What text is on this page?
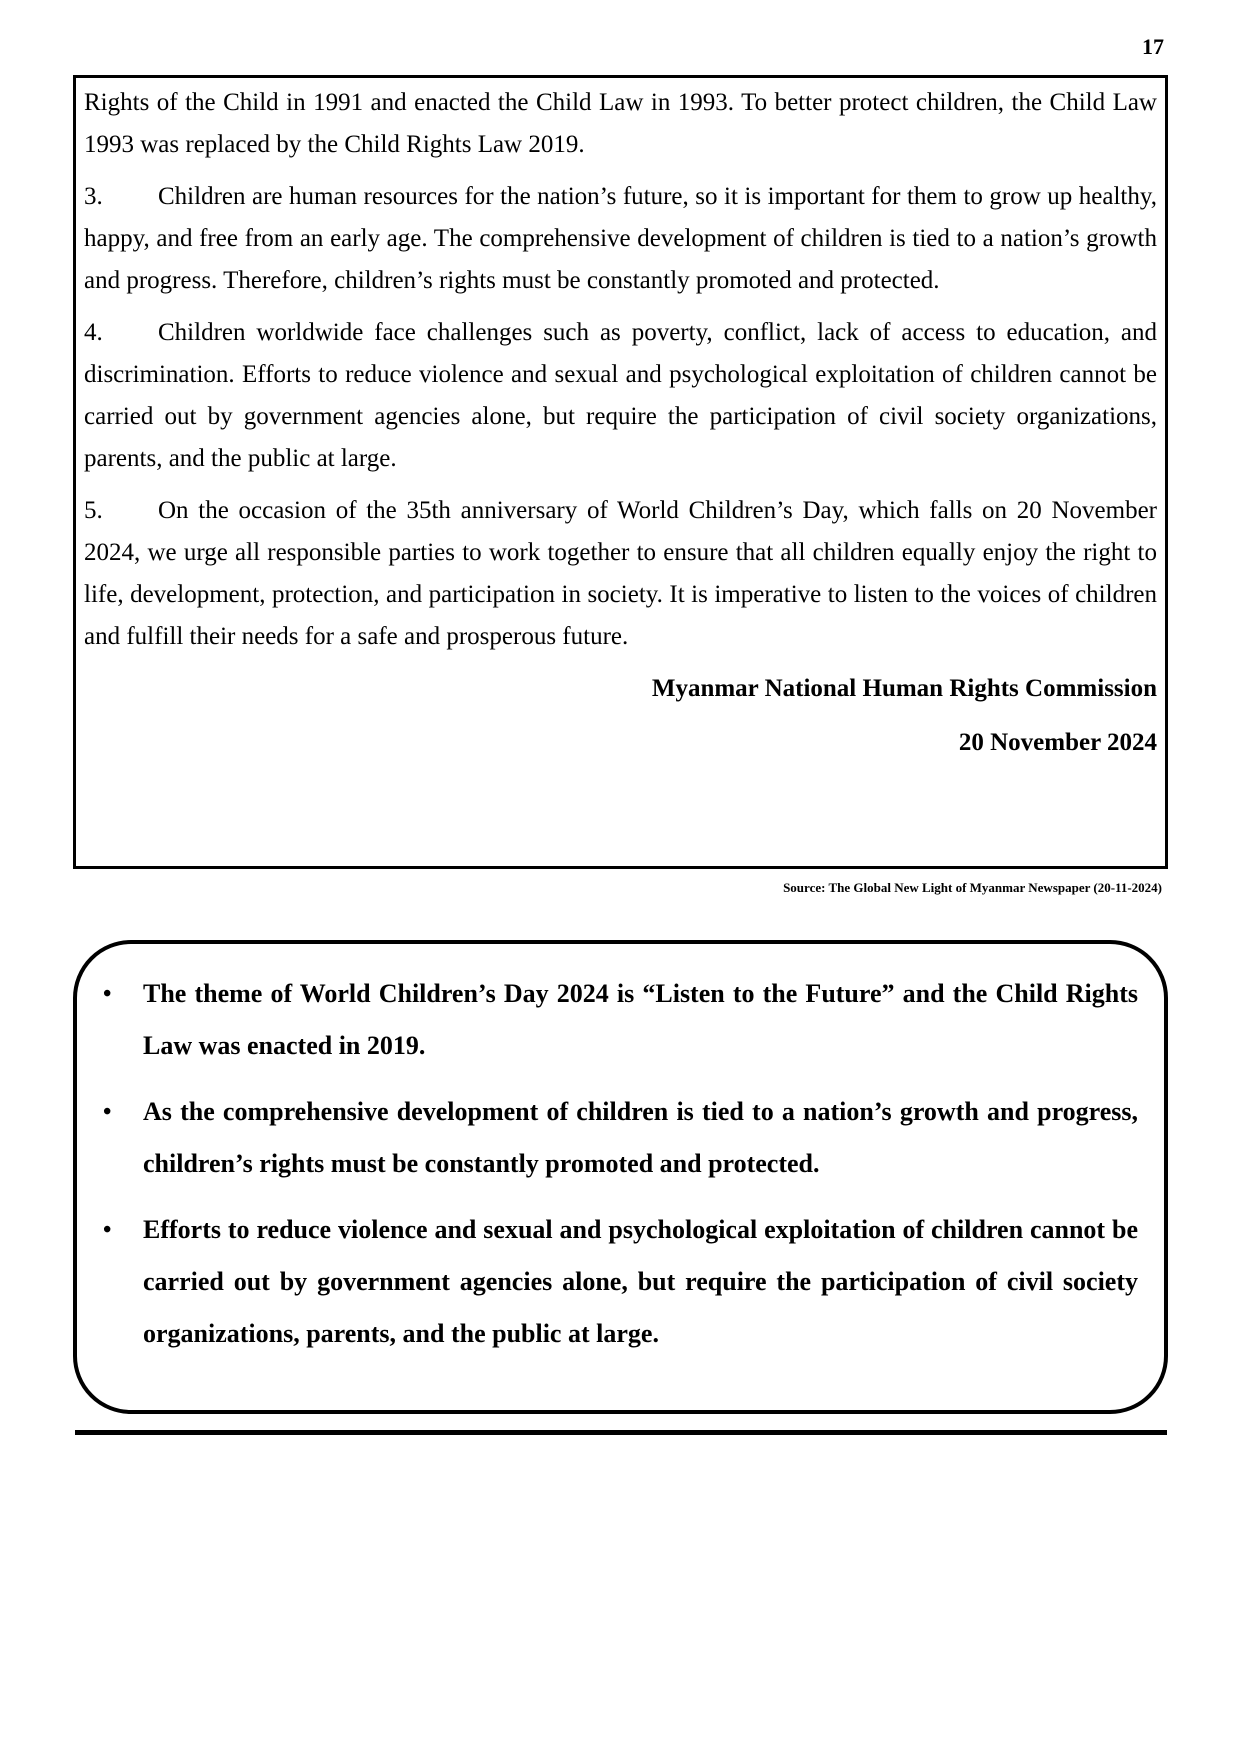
17

Rights of the Child in 1991 and enacted the Child Law in 1993. To better protect children, the Child Law 1993 was replaced by the Child Rights Law 2019.

3. Children are human resources for the nation’s future, so it is important for them to grow up healthy, happy, and free from an early age. The comprehensive development of children is tied to a nation’s growth and progress. Therefore, children’s rights must be constantly promoted and protected.

4. Children worldwide face challenges such as poverty, conflict, lack of access to education, and discrimination. Efforts to reduce violence and sexual and psychological exploitation of children cannot be carried out by government agencies alone, but require the participation of civil society organizations, parents, and the public at large.

5. On the occasion of the 35th anniversary of World Children’s Day, which falls on 20 November 2024, we urge all responsible parties to work together to ensure that all children equally enjoy the right to life, development, protection, and participation in society. It is imperative to listen to the voices of children and fulfill their needs for a safe and prosperous future.

Myanmar National Human Rights Commission

20 November 2024

Source: The Global New Light of Myanmar Newspaper (20-11-2024)
•	The theme of World Children’s Day 2024 is “Listen to the Future” and the Child Rights Law was enacted in 2019.
•	As the comprehensive development of children is tied to a nation’s growth and progress, children’s rights must be constantly promoted and protected.
•	Efforts to reduce violence and sexual and psychological exploitation of children cannot be carried out by government agencies alone, but require the participation of civil society organizations, parents, and the public at large.
